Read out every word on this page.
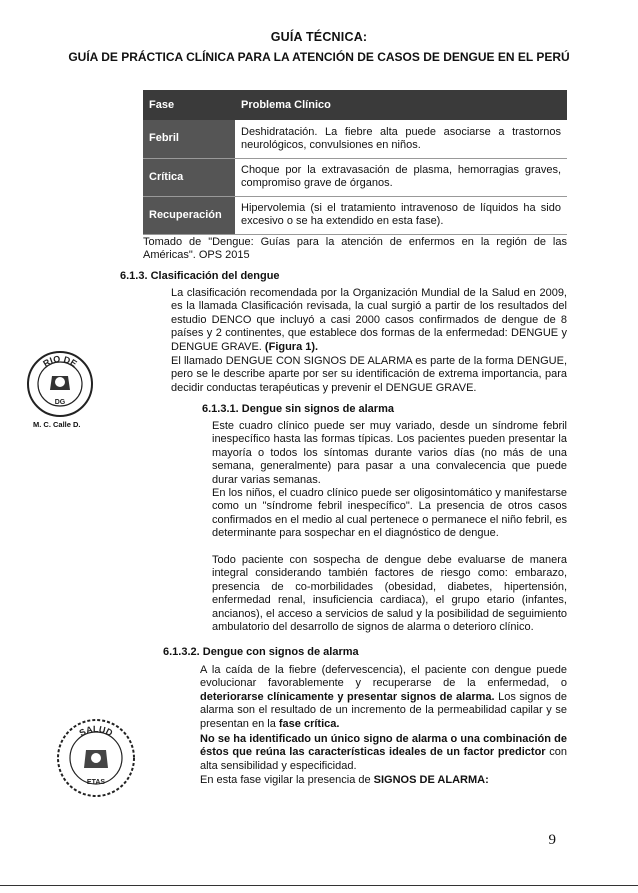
GUÍA TÉCNICA:
GUÍA DE PRÁCTICA CLÍNICA PARA LA ATENCIÓN DE CASOS DE DENGUE EN EL PERÚ
Fase	Problema Clínico
Febril	Deshidratación. La fiebre alta puede asociarse a trastornos neurológicos, convulsiones en niños.
Crítica	Choque por la extravasación de plasma, hemorragias graves, compromiso grave de órganos.
Recuperación	Hipervolemia (si el tratamiento intravenoso de líquidos ha sido excesivo o se ha extendido en esta fase).
Tomado de "Dengue: Guías para la atención de enfermos en la región de las Américas". OPS 2015
6.1.3. Clasificación del dengue
La clasificación recomendada por la Organización Mundial de la Salud en 2009, es la llamada Clasificación revisada, la cual surgió a partir de los resultados del estudio DENCO que incluyó a casi 2000 casos confirmados de dengue de 8 países y 2 continentes, que establece dos formas de la enfermedad: DENGUE y DENGUE GRAVE. (Figura 1).
El llamado DENGUE CON SIGNOS DE ALARMA es parte de la forma DENGUE, pero se le describe aparte por ser su identificación de extrema importancia, para decidir conductas terapéuticas y prevenir el DENGUE GRAVE.
6.1.3.1. Dengue sin signos de alarma
Este cuadro clínico puede ser muy variado, desde un síndrome febril inespecífico hasta las formas típicas. Los pacientes pueden presentar la mayoría o todos los síntomas durante varios días (no más de una semana, generalmente) para pasar a una convalecencia que puede durar varias semanas.
En los niños, el cuadro clínico puede ser oligosintomático y manifestarse como un "síndrome febril inespecífico". La presencia de otros casos confirmados en el medio al cual pertenece o permanece el niño febril, es determinante para sospechar en el diagnóstico de dengue.
Todo paciente con sospecha de dengue debe evaluarse de manera integral considerando también factores de riesgo como: embarazo, presencia de co-morbilidades (obesidad, diabetes, hipertensión, enfermedad renal, insuficiencia cardiaca), el grupo etario (infantes, ancianos), el acceso a servicios de salud y la posibilidad de seguimiento ambulatorio del desarrollo de signos de alarma o deterioro clínico.
6.1.3.2. Dengue con signos de alarma
A la caída de la fiebre (defervescencia), el paciente con dengue puede evolucionar favorablemente y recuperarse de la enfermedad, o deteriorarse clínicamente y presentar signos de alarma. Los signos de alarma son el resultado de un incremento de la permeabilidad capilar y se presentan en la fase crítica.
No se ha identificado un único signo de alarma o una combinación de éstos que reúna las características ideales de un factor predictor con alta sensibilidad y especificidad.
En esta fase vigilar la presencia de SIGNOS DE ALARMA:
RIO DE
DG
M. C. Calle D.
SALUD
ETAS
9
